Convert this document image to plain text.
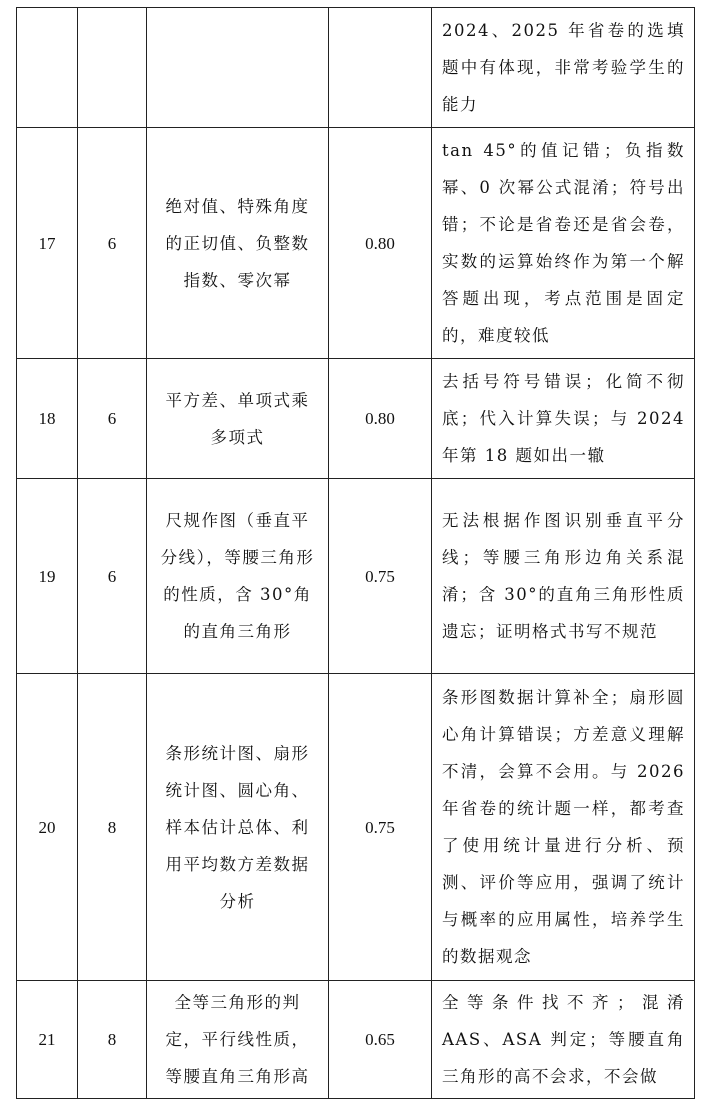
				2024、2025 年省卷的选填题中有体现，非常考验学生的能力

17	6	绝对值、特殊角度的正切值、负整数指数、零次幂	0.80	tan 45°的值记错；负指数幂、0 次幂公式混淆；符号出错；不论是省卷还是省会卷，实数的运算始终作为第一个解答题出现，考点范围是固定的，难度较低

18	6	平方差、单项式乘多项式	0.80	去括号符号错误；化简不彻底；代入计算失误；与 2024 年第 18 题如出一辙

19	6	尺规作图（垂直平分线），等腰三角形的性质，含 30°角的直角三角形	0.75	无法根据作图识别垂直平分线；等腰三角形边角关系混淆；含 30°的直角三角形性质遗忘；证明格式书写不规范

20	8	条形统计图、扇形统计图、圆心角、样本估计总体、利用平均数方差数据分析	0.75	条形图数据计算补全；扇形圆心角计算错误；方差意义理解不清，会算不会用。与 2026 年省卷的统计题一样，都考查了使用统计量进行分析、预测、评价等应用，强调了统计与概率的应用属性，培养学生的数据观念

21	8	全等三角形的判定，平行线性质，等腰直角三角形高	0.65	全等条件找不齐；混淆 AAS、ASA 判定；等腰直角三角形的高不会求，不会做
